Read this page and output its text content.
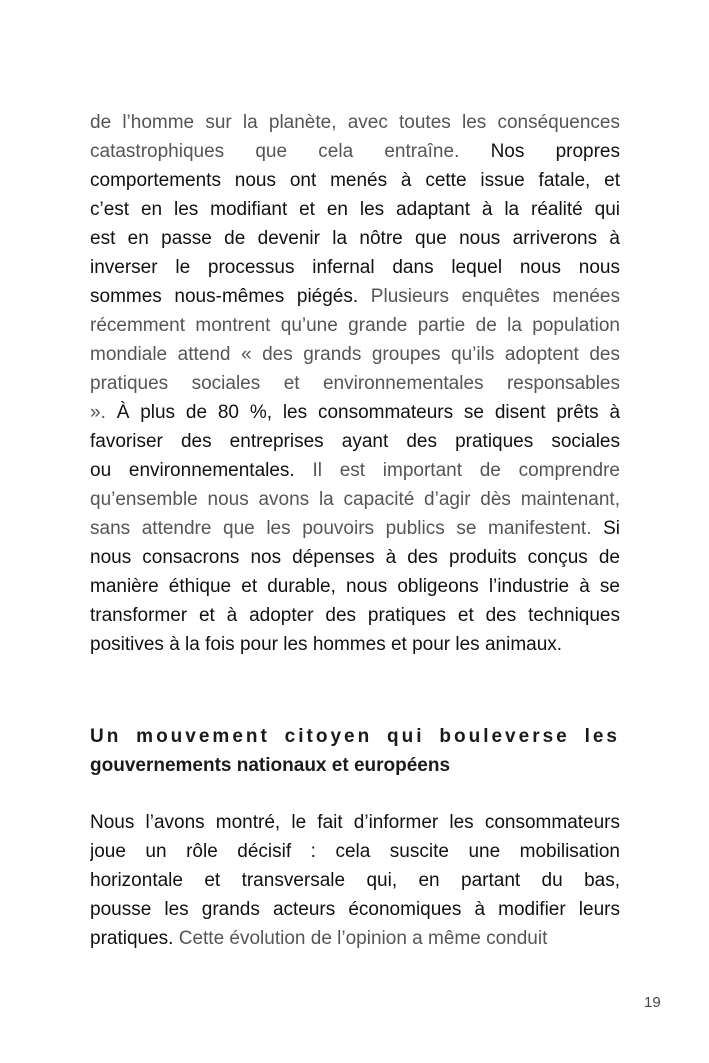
de l’homme sur la planète, avec toutes les conséquences
catastrophiques que cela entraîne. Nos propres
comportements nous ont menés à cette issue fatale, et
c’est en les modifiant et en les adaptant à la réalité qui
est en passe de devenir la nôtre que nous arriverons à
inverser le processus infernal dans lequel nous nous
sommes nous-mêmes piégés. Plusieurs enquêtes menées
récemment montrent qu’une grande partie de la population
mondiale attend « des grands groupes qu’ils adoptent des
pratiques sociales et environnementales responsables
». À plus de 80 %, les consommateurs se disent prêts à
favoriser des entreprises ayant des pratiques sociales
ou environnementales. Il est important de comprendre
qu’ensemble nous avons la capacité d’agir dès maintenant,
sans attendre que les pouvoirs publics se manifestent. Si
nous consacrons nos dépenses à des produits conçus de
manière éthique et durable, nous obligeons l’industrie à se
transformer et à adopter des pratiques et des techniques
positives à la fois pour les hommes et pour les animaux.
Un mouvement citoyen qui bouleverse les
gouvernements nationaux et européens
Nous l’avons montré, le fait d’informer les consommateurs
joue un rôle décisif : cela suscite une mobilisation
horizontale et transversale qui, en partant du bas,
pousse les grands acteurs économiques à modifier leurs
pratiques. Cette évolution de l’opinion a même conduit
19
